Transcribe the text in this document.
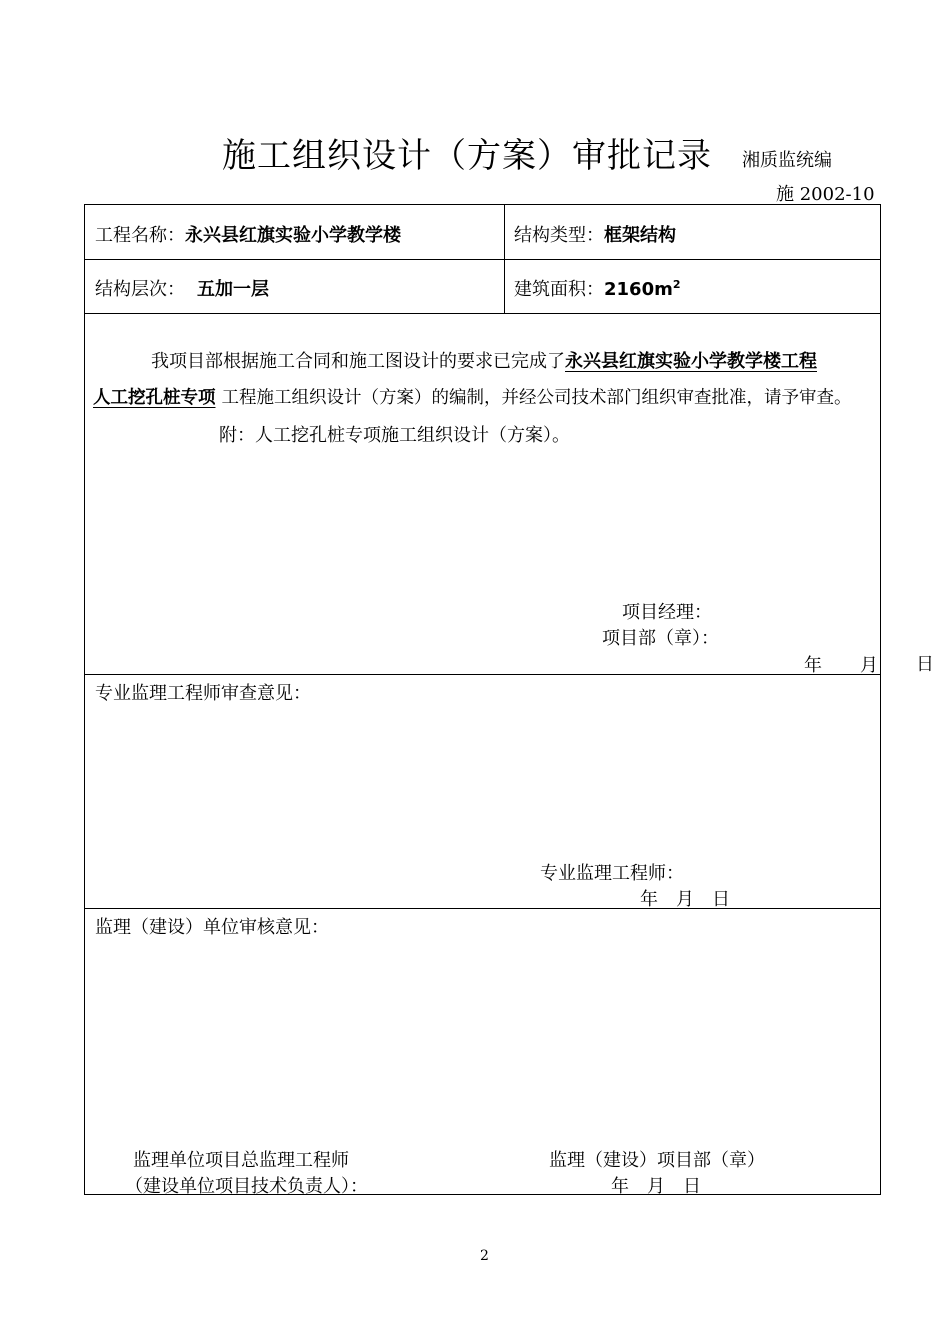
施工组织设计（方案）审批记录 湘质监统编
施 2002-10
工程名称：永兴县红旗实验小学教学楼	结构类型：框架结构
结构层次： 五加一层	建筑面积：$2160m^2$
我项目部根据施工合同和施工图设计的要求已完成了永兴县红旗实验小学教学楼工程
人工挖孔桩专项 工程施工组织设计（方案）的编制，并经公司技术部门组织审查批准，请予审查。
附：人工挖孔桩专项施工组织设计（方案）。
项目经理：
项目部（章）：
年 月
专业监理工程师审查意见：
专业监理工程师：
年　月　日
监理（建设）单位审核意见：
监理单位项目总监理工程师
（建设单位项目技术负责人）：
监理（建设）项目部（章）
年　月　日
日
2
